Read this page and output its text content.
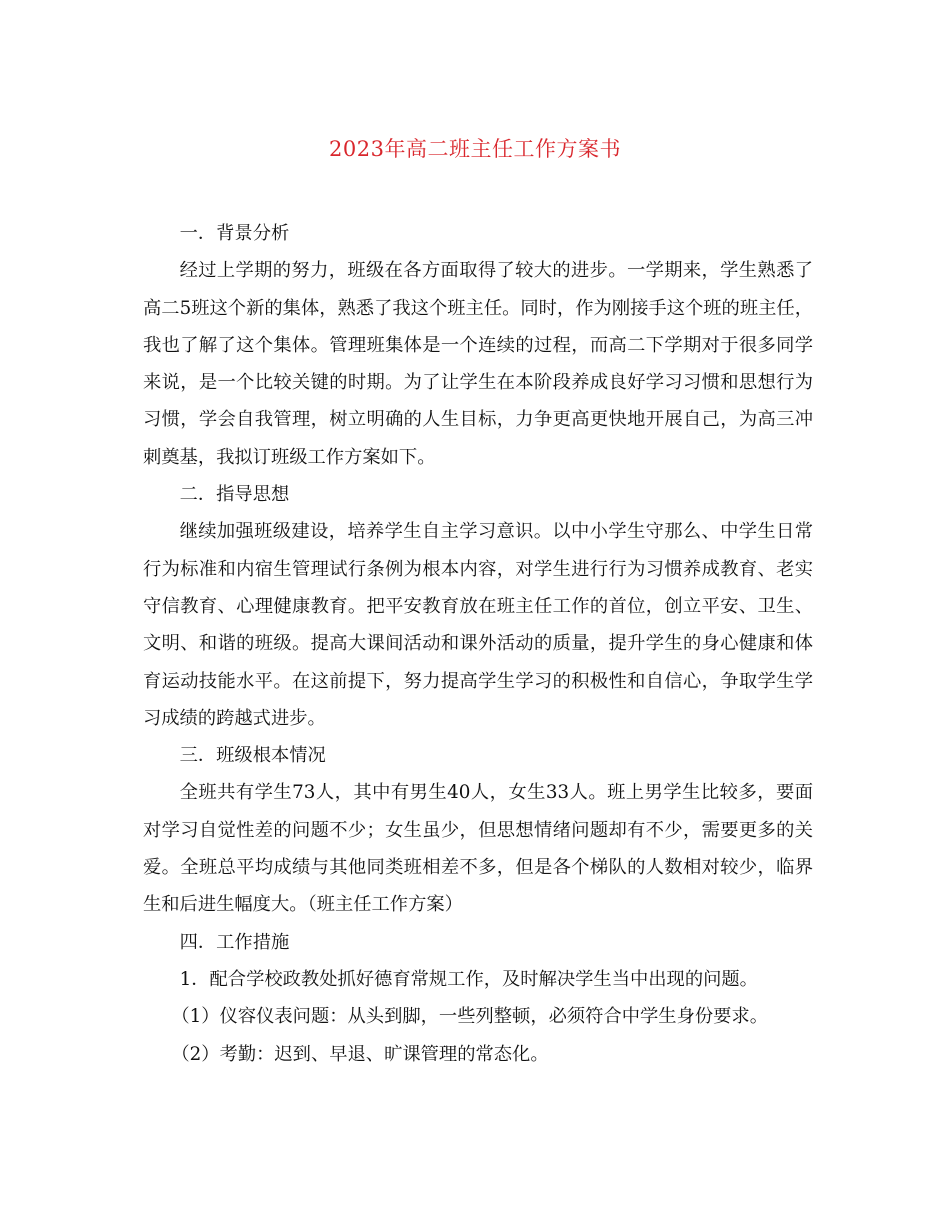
2023年高二班主任工作方案书

一．背景分析

经过上学期的努力，班级在各方面取得了较大的进步。一学期来，学生熟悉了高二5班这个新的集体，熟悉了我这个班主任。同时，作为刚接手这个班的班主任，我也了解了这个集体。管理班集体是一个连续的过程，而高二下学期对于很多同学来说，是一个比较关键的时期。为了让学生在本阶段养成良好学习习惯和思想行为习惯，学会自我管理，树立明确的人生目标，力争更高更快地开展自己，为高三冲刺奠基，我拟订班级工作方案如下。

二．指导思想

继续加强班级建设，培养学生自主学习意识。以中小学生守那么、中学生日常行为标准和内宿生管理试行条例为根本内容，对学生进行行为习惯养成教育、老实守信教育、心理健康教育。把平安教育放在班主任工作的首位，创立平安、卫生、文明、和谐的班级。提高大课间活动和课外活动的质量，提升学生的身心健康和体育运动技能水平。在这前提下，努力提高学生学习的积极性和自信心，争取学生学习成绩的跨越式进步。

三．班级根本情况

全班共有学生73人，其中有男生40人，女生33人。班上男学生比较多，要面对学习自觉性差的问题不少；女生虽少，但思想情绪问题却有不少，需要更多的关爱。全班总平均成绩与其他同类班相差不多，但是各个梯队的人数相对较少，临界生和后进生幅度大。（班主任工作方案）

四．工作措施

1．配合学校政教处抓好德育常规工作，及时解决学生当中出现的问题。

（1）仪容仪表问题：从头到脚，一些列整顿，必须符合中学生身份要求。

（2）考勤：迟到、早退、旷课管理的常态化。
